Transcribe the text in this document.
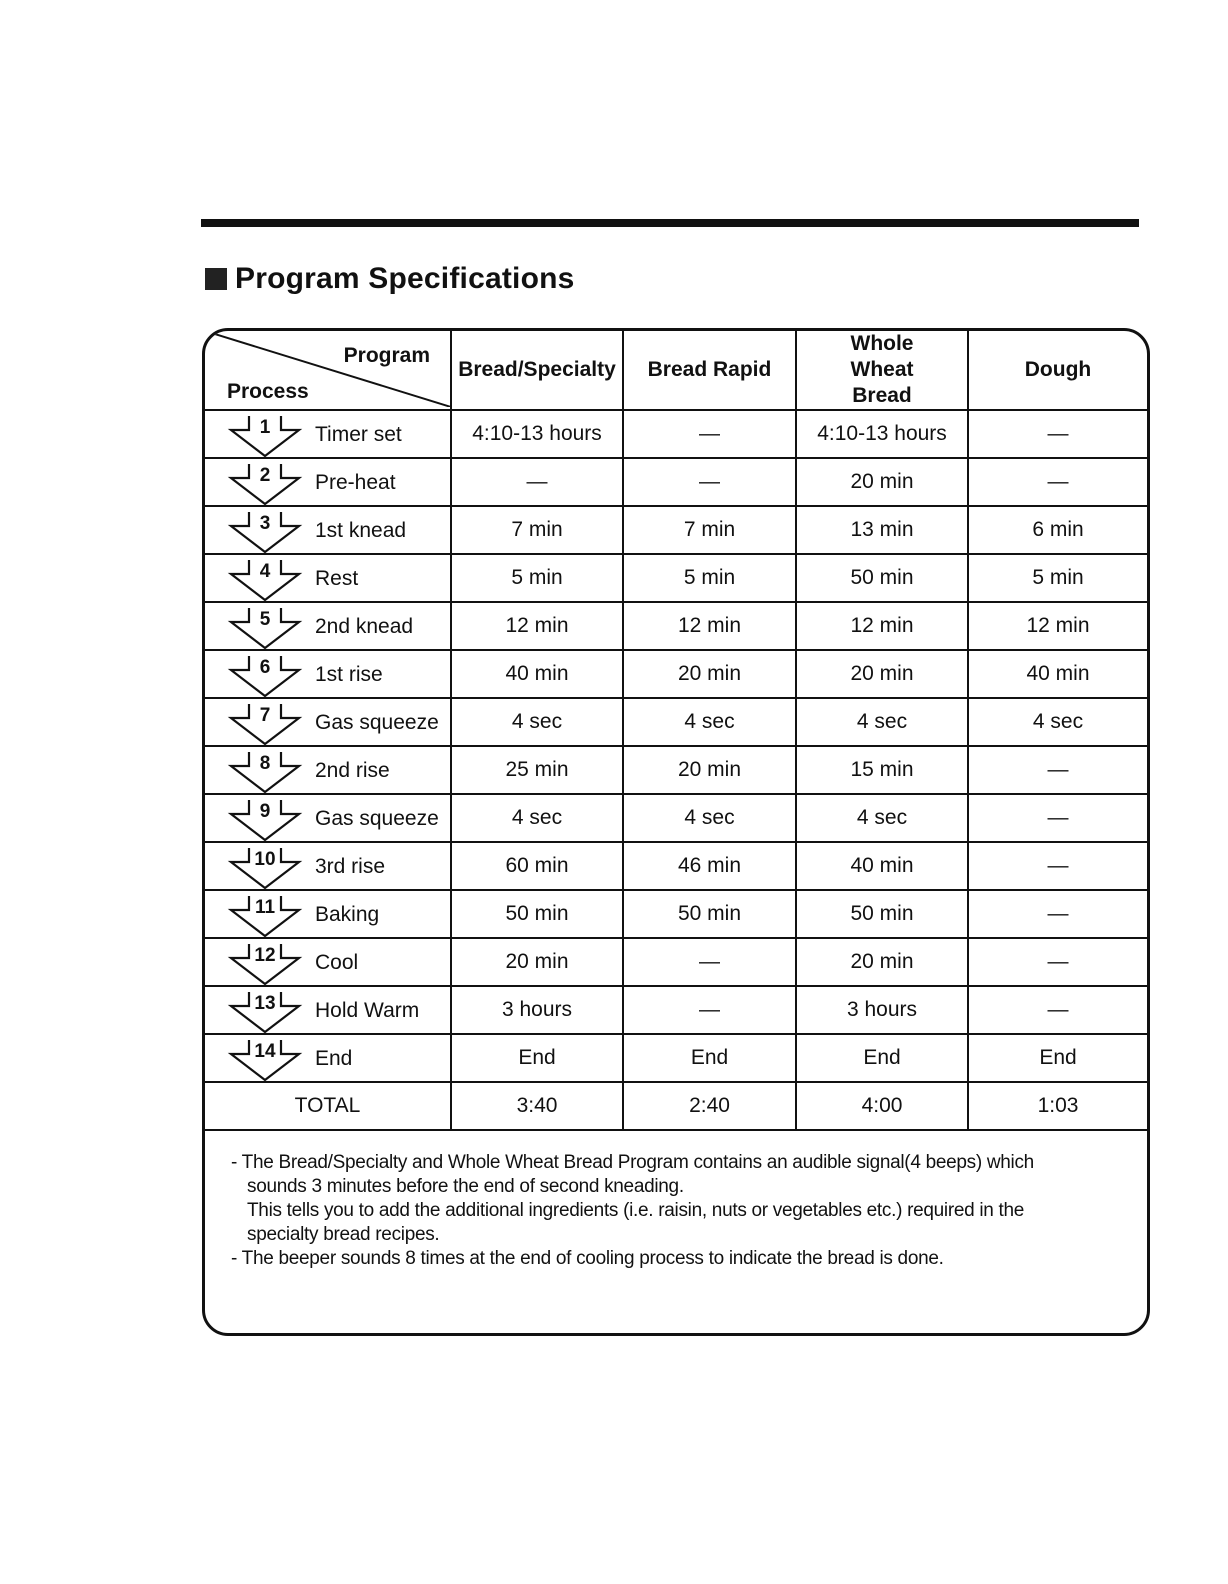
Program Specifications
Program
Process	Bread/Specialty	Bread Rapid	Whole Wheat Bread	Dough

1 Timer set	4:10-13 hours	—	4:10-13 hours	—

2 Pre-heat	—	—	20 min	—

3 1st knead	7 min	7 min	13 min	6 min

4 Rest	5 min	5 min	50 min	5 min

5 2nd knead	12 min	12 min	12 min	12 min

6 1st rise	40 min	20 min	20 min	40 min

7 Gas squeeze	4 sec	4 sec	4 sec	4 sec

8 2nd rise	25 min	20 min	15 min	—

9 Gas squeeze	4 sec	4 sec	4 sec	—

10 3rd rise	60 min	46 min	40 min	—

11 Baking	50 min	50 min	50 min	—

12 Cool	20 min	—	20 min	—

13 Hold Warm	3 hours	—	3 hours	—

14 End	End	End	End	End
TOTAL	3:40	2:40	4:00	1:03
- The Bread/Specialty and Whole Wheat Bread Program contains an audible signal(4 beeps) which
sounds 3 minutes before the end of second kneading.
This tells you to add the additional ingredients (i.e. raisin, nuts or vegetables etc.) required in the
specialty bread recipes.
- The beeper sounds 8 times at the end of cooling process to indicate the bread is done.
